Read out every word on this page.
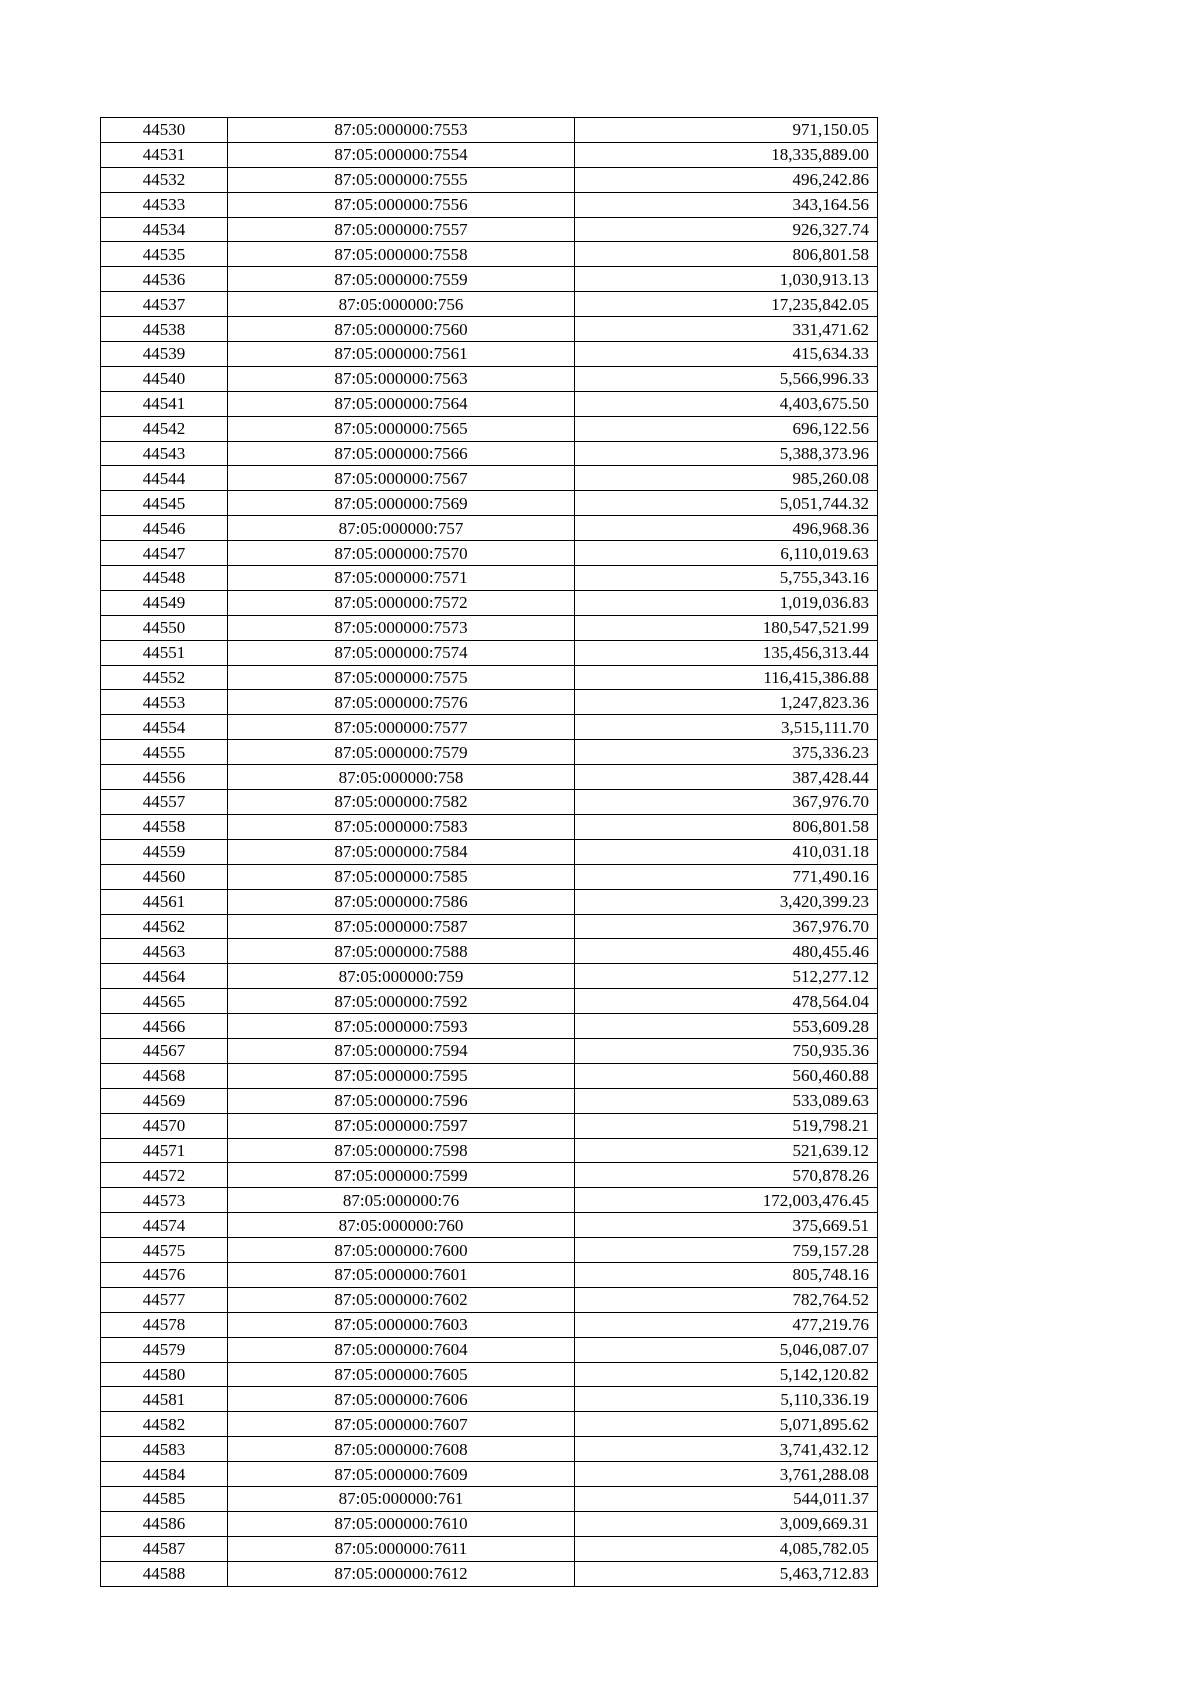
44530	87:05:000000:7553	971,150.05
44531	87:05:000000:7554	18,335,889.00
44532	87:05:000000:7555	496,242.86
44533	87:05:000000:7556	343,164.56
44534	87:05:000000:7557	926,327.74
44535	87:05:000000:7558	806,801.58
44536	87:05:000000:7559	1,030,913.13
44537	87:05:000000:756	17,235,842.05
44538	87:05:000000:7560	331,471.62
44539	87:05:000000:7561	415,634.33
44540	87:05:000000:7563	5,566,996.33
44541	87:05:000000:7564	4,403,675.50
44542	87:05:000000:7565	696,122.56
44543	87:05:000000:7566	5,388,373.96
44544	87:05:000000:7567	985,260.08
44545	87:05:000000:7569	5,051,744.32
44546	87:05:000000:757	496,968.36
44547	87:05:000000:7570	6,110,019.63
44548	87:05:000000:7571	5,755,343.16
44549	87:05:000000:7572	1,019,036.83
44550	87:05:000000:7573	180,547,521.99
44551	87:05:000000:7574	135,456,313.44
44552	87:05:000000:7575	116,415,386.88
44553	87:05:000000:7576	1,247,823.36
44554	87:05:000000:7577	3,515,111.70
44555	87:05:000000:7579	375,336.23
44556	87:05:000000:758	387,428.44
44557	87:05:000000:7582	367,976.70
44558	87:05:000000:7583	806,801.58
44559	87:05:000000:7584	410,031.18
44560	87:05:000000:7585	771,490.16
44561	87:05:000000:7586	3,420,399.23
44562	87:05:000000:7587	367,976.70
44563	87:05:000000:7588	480,455.46
44564	87:05:000000:759	512,277.12
44565	87:05:000000:7592	478,564.04
44566	87:05:000000:7593	553,609.28
44567	87:05:000000:7594	750,935.36
44568	87:05:000000:7595	560,460.88
44569	87:05:000000:7596	533,089.63
44570	87:05:000000:7597	519,798.21
44571	87:05:000000:7598	521,639.12
44572	87:05:000000:7599	570,878.26
44573	87:05:000000:76	172,003,476.45
44574	87:05:000000:760	375,669.51
44575	87:05:000000:7600	759,157.28
44576	87:05:000000:7601	805,748.16
44577	87:05:000000:7602	782,764.52
44578	87:05:000000:7603	477,219.76
44579	87:05:000000:7604	5,046,087.07
44580	87:05:000000:7605	5,142,120.82
44581	87:05:000000:7606	5,110,336.19
44582	87:05:000000:7607	5,071,895.62
44583	87:05:000000:7608	3,741,432.12
44584	87:05:000000:7609	3,761,288.08
44585	87:05:000000:761	544,011.37
44586	87:05:000000:7610	3,009,669.31
44587	87:05:000000:7611	4,085,782.05
44588	87:05:000000:7612	5,463,712.83
